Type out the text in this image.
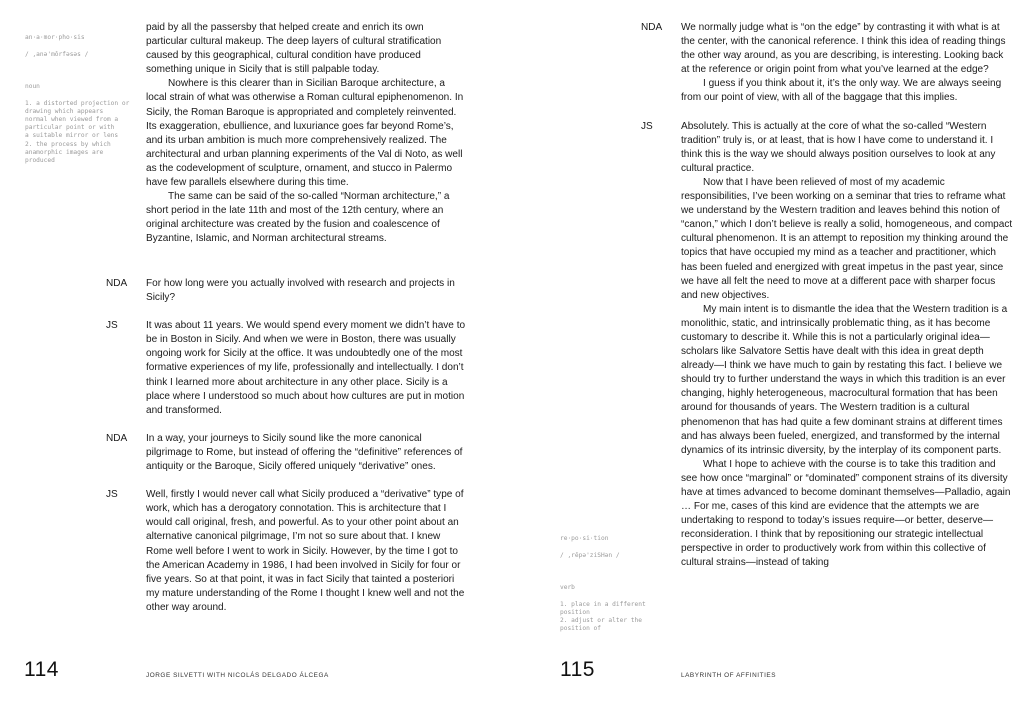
an·a·mor·pho·sis

/ ,anə'môrfəsəs /

noun

1. a distorted projection or
drawing which appears
normal when viewed from a
particular point or with
a suitable mirror or lens
2. the process by which
anamorphic images are
produced

paid by all the passersby that helped create and enrich its own particular cultural makeup. The deep layers of cultural stratification caused by this geographical, cultural condition have produced something unique in Sicily that is still palpable today.

Nowhere is this clearer than in Sicilian Baroque architecture, a local strain of what was otherwise a Roman cultural epiphenomenon. In Sicily, the Roman Baroque is appropriated and completely reinvented. Its exaggeration, ebullience, and luxuriance goes far beyond Rome’s, and its urban ambition is much more comprehensively realized. The architectural and urban planning experiments of the Val di Noto, as well as the codevelopment of sculpture, ornament, and stucco in Palermo have few parallels elsewhere during this time.

The same can be said of the so-called “Norman architecture,” a short period in the late 11th and most of the 12th century, where an original architecture was created by the fusion and coalescence of Byzantine, Islamic, and Norman architectural streams.

NDA For how long were you actually involved with research and projects in Sicily?

JS	It was about 11 years. We would spend every moment we didn’t have to be in Boston in Sicily. And when we were in Boston, there was usually ongoing work for Sicily at the office. It was undoubtedly one of the most formative experiences of my life, professionally and intellectually. I don’t think I learned more about architecture in any other place. Sicily is a place where I understood so much about how cultures are put in motion and transformed.

NDA In a way, your journeys to Sicily sound like the more canonical pilgrimage to Rome, but instead of offering the “definitive” references of antiquity or the Baroque, Sicily offered uniquely “derivative” ones.

JS	Well, firstly I would never call what Sicily produced a “derivative” type of work, which has a derogatory connotation. This is architecture that I would call original, fresh, and powerful. As to your other point about an alternative canonical pilgrimage, I’m not so sure about that. I knew Rome well before I went to work in Sicily. However, by the time I got to the American Academy in 1986, I had been involved in Sicily for four or five years. So at that point, it was in fact Sicily that tainted a posteriori my mature understanding of the Rome I thought I knew well and not the other way around.

114	JORGE SILVETTI WITH NICOLÁS DELGADO ÁLCEGA

re·po·si·tion

/ ,rēpə'ziSHən /

verb

1. place in a different
position
2. adjust or alter the
position of

NDA We normally judge what is “on the edge” by contrasting it with what is at the center, with the canonical reference. I think this idea of reading things the other way around, as you are describing, is interesting. Looking back at the reference or origin point from what you’ve learned at the edge?

I guess if you think about it, it’s the only way. We are always seeing from our point of view, with all of the baggage that this implies.

JS	Absolutely. This is actually at the core of what the so-called “Western tradition” truly is, or at least, that is how I have come to understand it. I think this is the way we should always position ourselves to look at any cultural practice.

Now that I have been relieved of most of my academic responsibilities, I’ve been working on a seminar that tries to reframe what we understand by the Western tradition and leaves behind this notion of “canon,” which I don’t believe is really a solid, homogeneous, and compact cultural phenomenon. It is an attempt to reposition my thinking around the topics that have occupied my mind as a teacher and practitioner, which has been fueled and energized with great impetus in the past year, since we have all felt the need to move at a different pace with sharper focus and new objectives.

My main intent is to dismantle the idea that the Western tradition is a monolithic, static, and intrinsically problematic thing, as it has become customary to describe it. While this is not a particularly original idea—scholars like Salvatore Settis have dealt with this idea in great depth already—I think we have much to gain by restating this fact. I believe we should try to further understand the ways in which this tradition is an ever changing, highly heterogeneous, macrocultural formation that has been around for thousands of years. The Western tradition is a cultural phenomenon that has had quite a few dominant strains at different times and has always been fueled, energized, and transformed by the internal dynamics of its intrinsic diversity, by the interplay of its component parts.

What I hope to achieve with the course is to take this tradition and see how once “marginal” or “dominated” component strains of its diversity have at times advanced to become dominant themselves—Palladio, again … For me, cases of this kind are evidence that the attempts we are undertaking to respond to today’s issues require—or better, deserve—reconsideration. I think that by repositioning our strategic intellectual perspective in order to productively work from within this collective of cultural strains—instead of taking

115	LABYRINTH OF AFFINITIES
